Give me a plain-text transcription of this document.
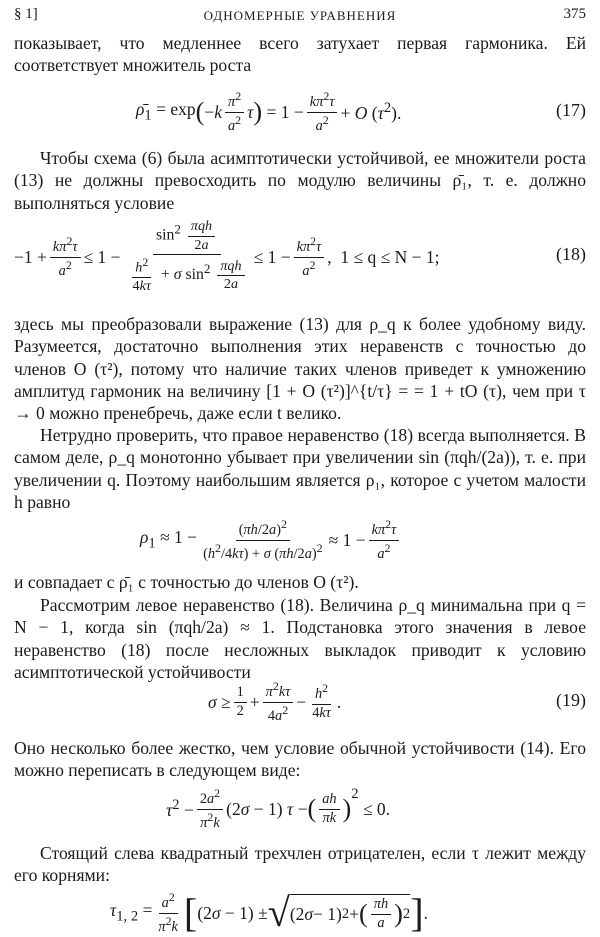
§ 1]	ОДНОМЕРНЫЕ УРАВНЕНИЯ	375
показывает, что медленнее всего затухает первая гармоника. Ей соответствует множитель роста
$\rhō_1 = \exp$ ( $-k \frac{\pi^2}{a^2}$ τ ) = $1 - \frac{k\pi^2\tau}{a^2} + O$ $(\tau^2)$.	(17)
Чтобы схема (6) была асимптотически устойчивой, ее множители роста (13) не должны превосходить по модулю величины ρ̄₁, т. е. должно выполняться условие
$-1 + \frac{k\pi^2\tau}{a^2} \le 1 - \frac{\sin^2 \frac{\text{πqh}}{2a}}{\frac{h^2}{4k\tau} + \sigma \sin^2 \frac{\text{πqh}}{2a}} \le 1 - \frac{k\pi^2\tau}{a^2}$ , 1 ≤ q ≤ N − 1;	(18)
здесь мы преобразовали выражение (13) для ρ_q к более удобному виду. Разумеется, достаточно выполнения этих неравенств с точностью до членов O (τ²), потому что наличие таких членов приведет к умножению амплитуд гармоник на величину [1 + O (τ²)]^{t/τ} = = 1 + tO (τ), чем при τ → 0 можно пренебречь, даже если t велико.
Нетрудно проверить, что правое неравенство (18) всегда выполняется. В самом деле, ρ_q монотонно убывает при увеличении sin (πqh/(2a)), т. е. при увеличении q. Поэтому наибольшим является ρ₁, которое с учетом малости h равно
$\rho_1 \approx 1 - \frac{(\pi h/2a)^2}{(h^2/4k\tau) + \sigma (\pi h/2a)^2} \approx 1 - \frac{k\pi^2\tau}{a^2}$
и совпадает с ρ̄₁ с точностью до членов O (τ²).
Рассмотрим левое неравенство (18). Величина ρ_q минимальна при q = N − 1, когда sin (πqh/2a) ≈ 1. Подстановка этого значения в левое неравенство (18) после несложных выкладок приводит к условию асимптотической устойчивости
$\sigma \ge \frac{1}{2} + \frac{\pi^2k\tau}{4a^2} - \frac{h^2}{4k\tau}$ .	(19)
Оно несколько более жестко, чем условие обычной устойчивости (14). Его можно переписать в следующем виде:
$\tau^2 - \frac{2a^2}{\pi^2k} (2\sigma - 1) \tau$ − ( $\frac{ah}{\pi k} )^2$
≤ 0.
Стоящий слева квадратный трехчлен отрицателен, если τ лежит между его корнями:
$\tau_{1, 2} = \frac{a^2}{\pi^2k}$ [ (2σ − 1) ± √ (2 σ − 1) 2 + ( $\frac{\pi h}{a}$ ) 2 ] .
